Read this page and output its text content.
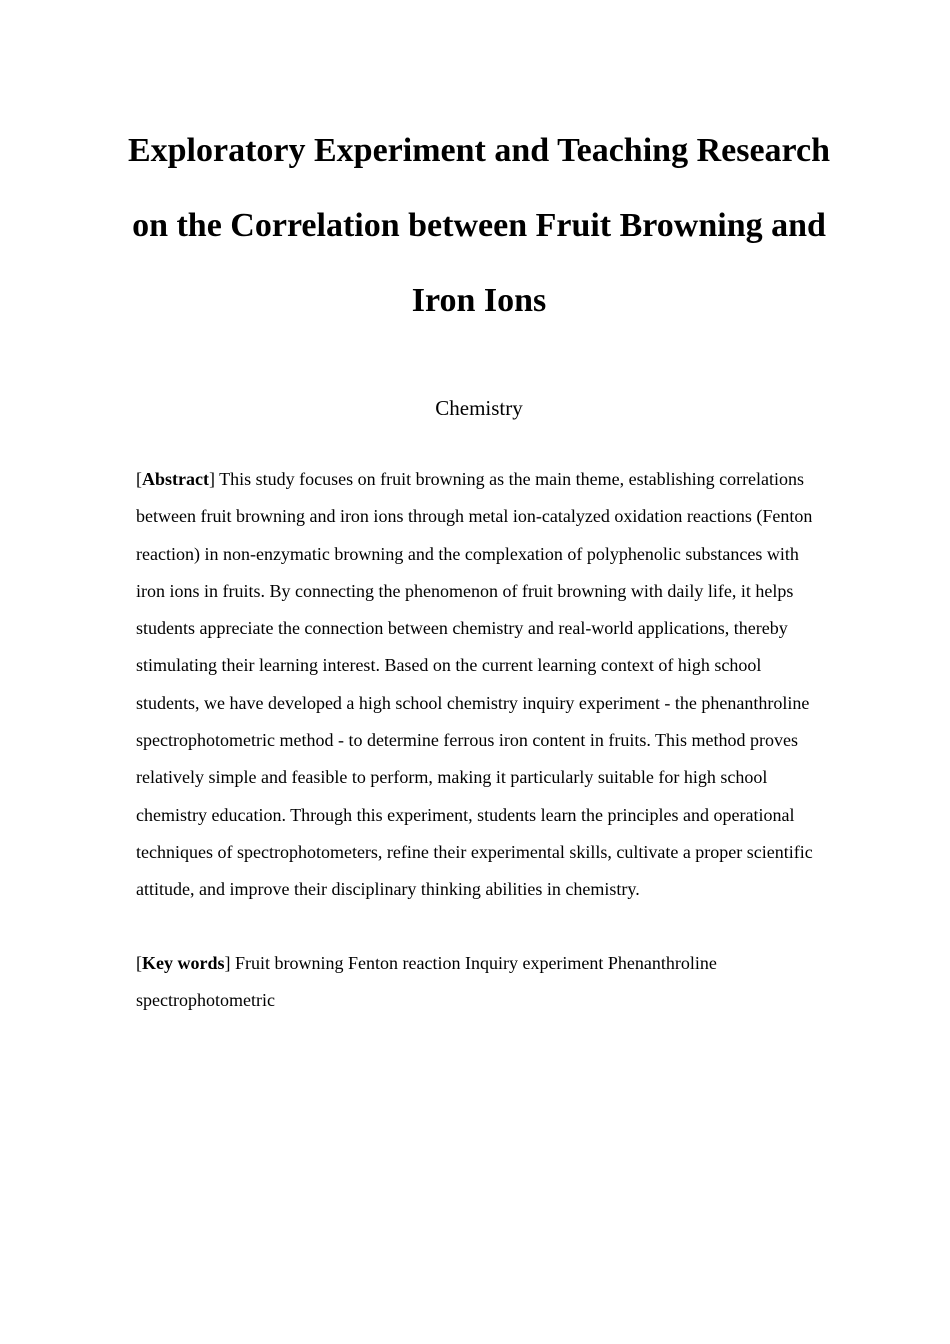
Exploratory Experiment and Teaching Research on the Correlation between Fruit Browning and Iron Ions
Chemistry

[Abstract] This study focuses on fruit browning as the main theme, establishing correlations between fruit browning and iron ions through metal ion-catalyzed oxidation reactions (Fenton reaction) in non-enzymatic browning and the complexation of polyphenolic substances with iron ions in fruits. By connecting the phenomenon of fruit browning with daily life, it helps students appreciate the connection between chemistry and real-world applications, thereby stimulating their learning interest. Based on the current learning context of high school students, we have developed a high school chemistry inquiry experiment - the phenanthroline spectrophotometric method - to determine ferrous iron content in fruits. This method proves relatively simple and feasible to perform, making it particularly suitable for high school chemistry education. Through this experiment, students learn the principles and operational techniques of spectrophotometers, refine their experimental skills, cultivate a proper scientific attitude, and improve their disciplinary thinking abilities in chemistry.

[Key words] Fruit browning Fenton reaction Inquiry experiment Phenanthroline spectrophotometric
